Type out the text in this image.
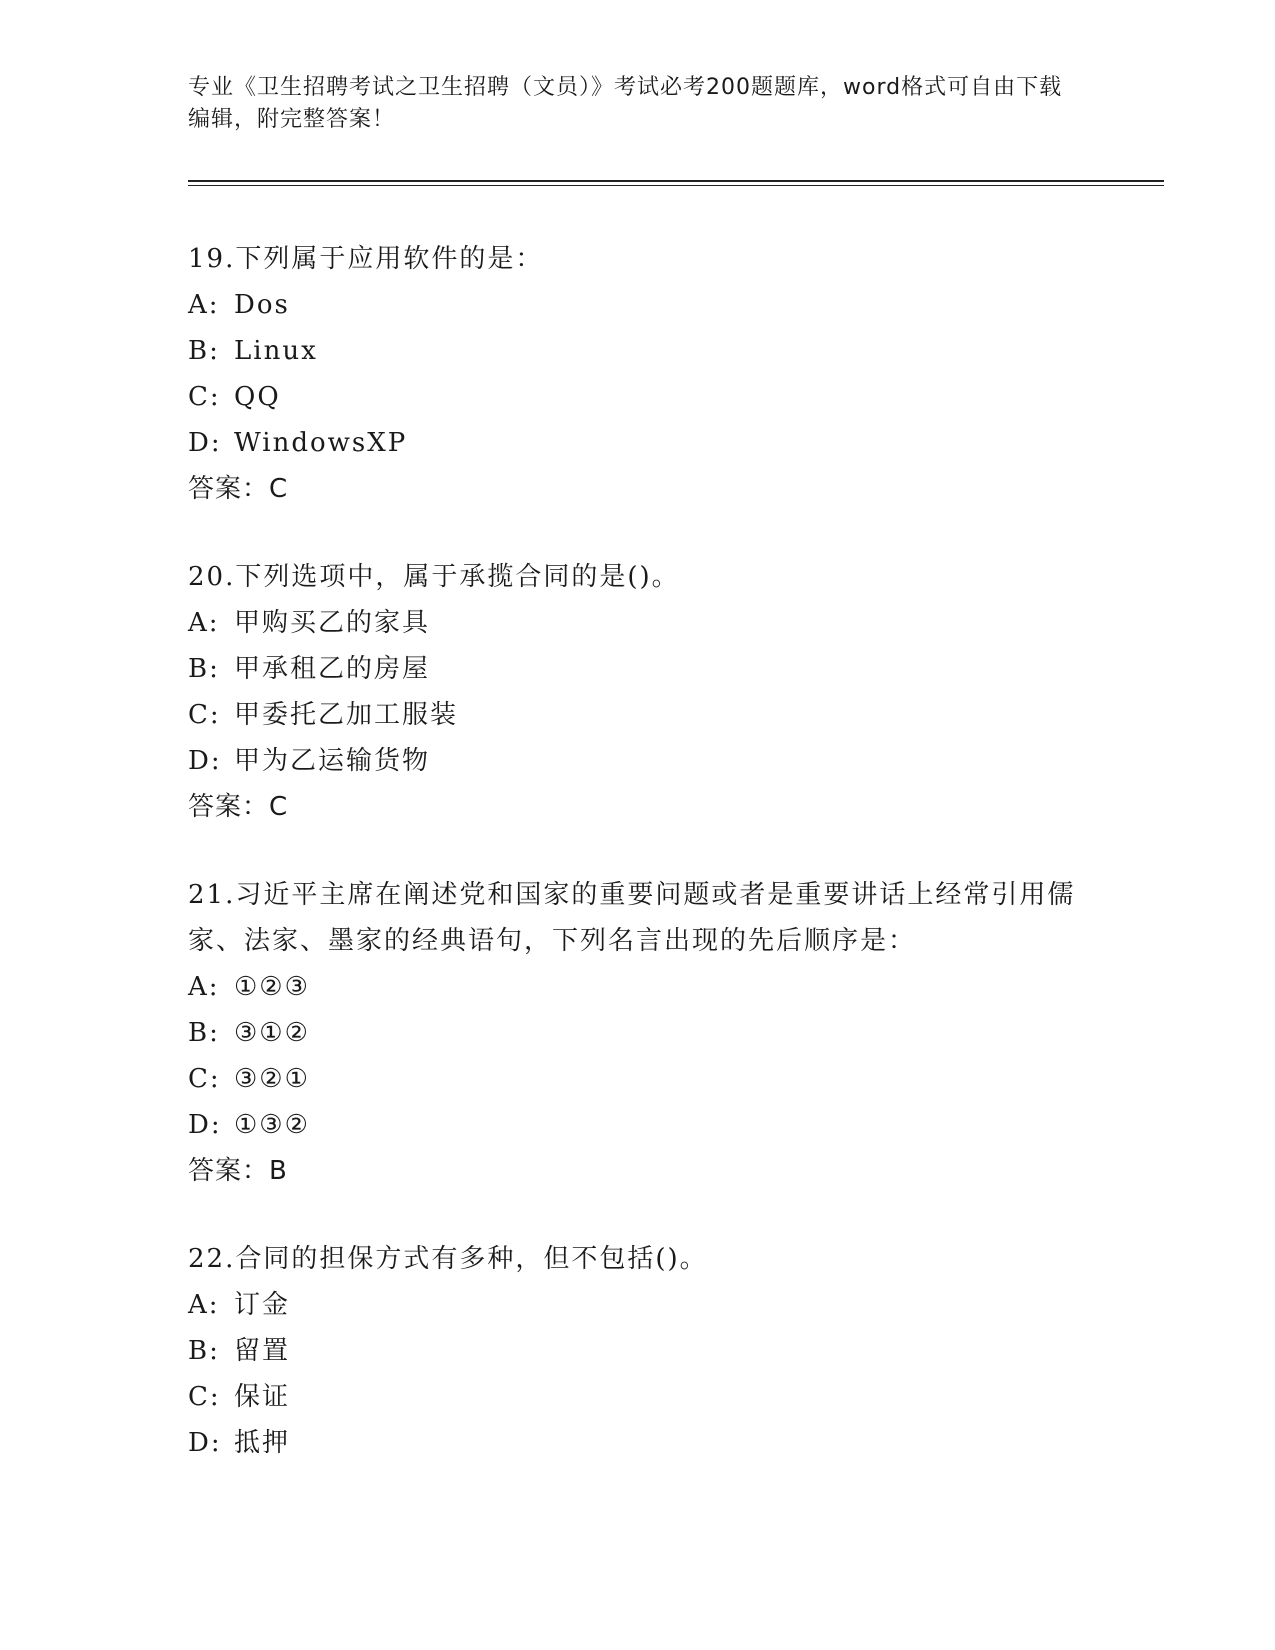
专业《卫生招聘考试之卫生招聘（文员）》考试必考200题题库，word格式可自由下载编辑，附完整答案！
19.下列属于应用软件的是：
A: Dos
B: Linux
C: QQ
D: WindowsXP
答案：C
20.下列选项中，属于承揽合同的是()。
A: 甲购买乙的家具
B: 甲承租乙的房屋
C: 甲委托乙加工服装
D: 甲为乙运输货物
答案：C
21.习近平主席在阐述党和国家的重要问题或者是重要讲话上经常引用儒家、法家、墨家的经典语句，下列名言出现的先后顺序是：
A: ①②③
B: ③①②
C: ③②①
D: ①③②
答案：B
22.合同的担保方式有多种，但不包括()。
A: 订金
B: 留置
C: 保证
D: 抵押
